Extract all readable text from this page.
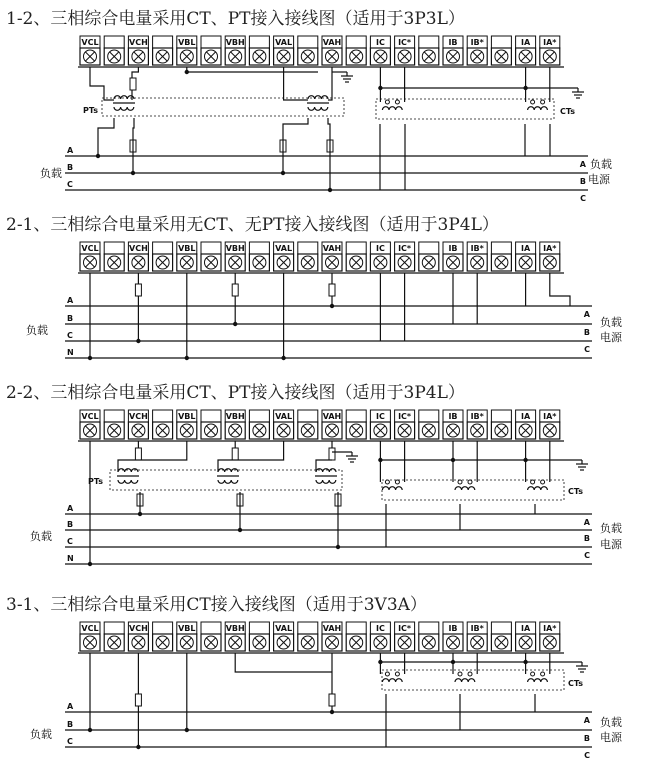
1-2、三相综合电量采用CT、PT接入接线图（适用于3P3L）
VCL	VCH	VBL	VBH	VAL	VAH	IC IC*	IB IB*	IA IA*
A
A
B
B
C
C
负载
负载
电源
PTs	CTs
2-1、三相综合电量采用无CT、无PT接入接线图（适用于3P4L）
VCL	VCH	VBL	VBH	VAL	VAH	IC IC*	IB IB*	IA IA*
A
A
B
B
C
C
N
负载
负载
电源
2-2、三相综合电量采用CT、PT接入接线图（适用于3P4L）
VCL	VCH	VBL	VBH	VAL	VAH	IC IC*	IB IB*	IA IA*
A
A
B
B
C
C
N
负载
负载
电源
PTs
CTs
3-1、三相综合电量采用CT接入接线图（适用于3V3A）
VCL	VCH	VBL	VBH	VAL	VAH	IC IC*	IB IB*	IA IA*
A
A
B
B
C
C
负载
负载
电源
CTs
